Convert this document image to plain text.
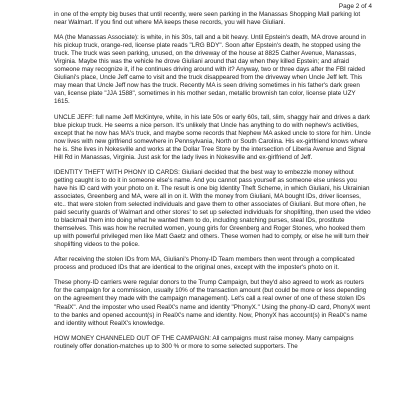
Page 2 of 4

in one of the empty big buses that until recently, were seen parking in the Manassas Shopping Mall parking lot near Walmart. If you find out where MA keeps these records, you will have Giuliani.

MA (the Manassas Associate): is white, in his 30s, tall and a bit heavy. Until Epstein's death, MA drove around in his pickup truck, orange-red, license plate reads "LRG BDY". Soon after Epstein's death, he stopped using the truck. The truck was seen parking, unused, on the driveway of the house at 8825 Cather Avenue, Manassas, Virginia. Maybe this was the vehicle he drove Giuliani around that day when they killed Epstein; and afraid someone may recognize it, if he continues driving around with it? Anyway, two or three days after the FBI raided Giuliani's place, Uncle Jeff came to visit and the truck disappeared from the driveway when Uncle Jeff left. This may mean that Uncle Jeff now has the truck. Recently MA is seen driving sometimes in his father's dark green van, license plate "JJA 1588", sometimes in his mother sedan, metallic brownish tan color, license plate UZY 1615.

UNCLE JEFF: full name Jeff McKintyre, white, in his late 50s or early 60s, tall, slim, shaggy hair and drives a dark blue pickup truck. He seems a nice person. It's unlikely that Uncle has anything to do with nephew's activities, except that he now has MA's truck, and maybe some records that Nephew MA asked uncle to store for him. Uncle now lives with new girlfriend somewhere in Pennsylvania, North or South Carolina. His ex-girlfriend knows where he is. She lives in Nokesville and works at the Dollar Tree Store by the intersection of Liberia Avenue and Signal Hill Rd in Manassas, Virginia. Just ask for the lady lives in Nokesville and ex-girlfriend of Jeff.

IDENTITY THEFT WITH PHONY ID CARDS: Giuliani decided that the best way to embezzle money without getting caught is to do it in someone else's name. And you cannot pass yourself as someone else unless you have his ID card with your photo on it. The result is one big Identity Theft Scheme, in which Giuliani, his Ukrainian associates, Greenberg and MA, were all in on it. With the money from Giuliani, MA bought IDs, driver licenses, etc.. that were stolen from selected individuals and gave them to other associates of Giuliani. But more often, he paid security guards of Walmart and other stores' to set up selected individuals for shoplifting, then used the video to blackmail them into doing what he wanted them to do, including snatching purses, steal IDs, prostitute themselves. This was how he recruited women, young girls for Greenberg and Roger Stones, who hooked them up with powerful privileged men like Matt Gaetz and others. These women had to comply, or else he will turn their shoplifting videos to the police.

After receiving the stolen IDs from MA, Giuliani's Phony-ID Team members then went through a complicated process and produced IDs that are identical to the original ones, except with the imposter's photo on it.

These phony-ID carriers were regular donors to the Trump Campaign, but they'd also agreed to work as routers for the campaign for a commission, usually 10% of the transaction amount (but could be more or less depending on the agreement they made with the campaign management). Let's call a real owner of one of these stolen IDs "RealX". And the imposter who used RealX's name and identity "PhonyX." Using the phony-ID card, PhonyX went to the banks and opened account(s) in RealX's name and identity. Now, PhonyX has account(s) in RealX's name and identity without RealX's knowledge.

HOW MONEY CHANNELED OUT OF THE CAMPAIGN: All campaigns must raise money. Many campaigns routinely offer donation-matches up to 300 % or more to some selected supporters. The
